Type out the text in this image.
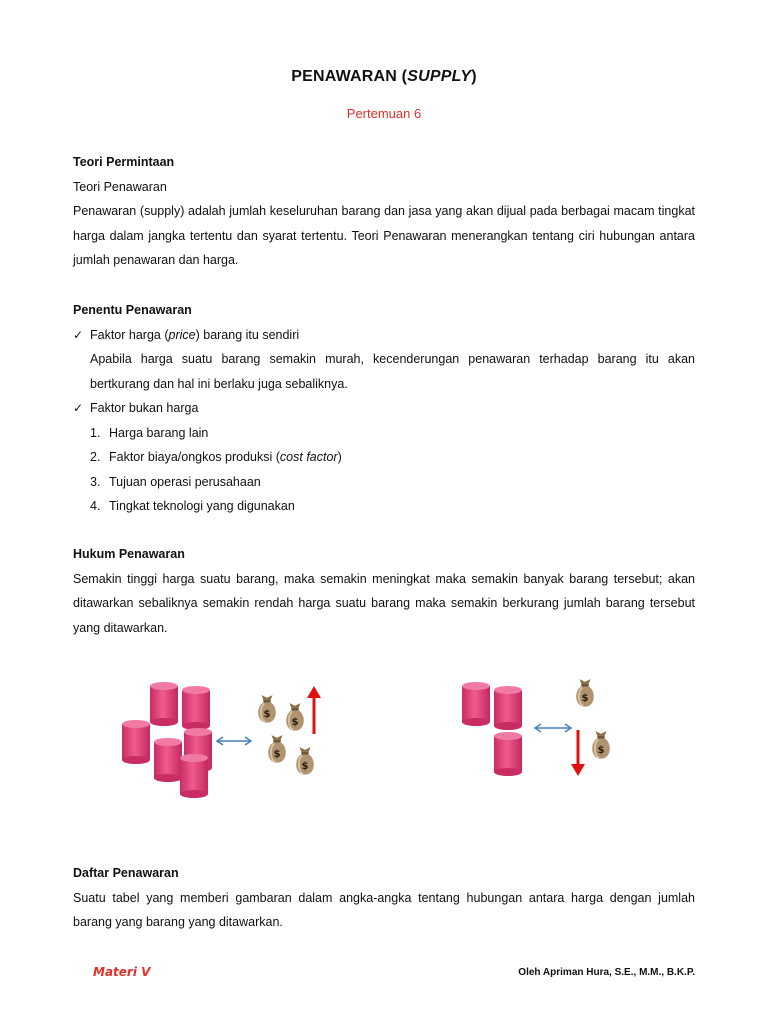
PENAWARAN (SUPPLY)
Pertemuan 6
Teori Permintaan
Teori Penawaran
Penawaran (supply) adalah jumlah keseluruhan barang dan jasa yang akan dijual pada berbagai macam tingkat harga dalam jangka tertentu dan syarat tertentu. Teori Penawaran menerangkan tentang ciri hubungan antara jumlah penawaran dan harga.
Penentu Penawaran
✓ Faktor harga (price) barang itu sendiri
Apabila harga suatu barang semakin murah, kecenderungan penawaran terhadap barang itu akan bertkurang dan hal ini berlaku juga sebaliknya.
✓ Faktor bukan harga
1. Harga barang lain
2. Faktor biaya/ongkos produksi (cost factor)
3. Tujuan operasi perusahaan
4. Tingkat teknologi yang digunakan
Hukum Penawaran
Semakin tinggi harga suatu barang, maka semakin meningkat maka semakin banyak barang tersebut; akan ditawarkan sebaliknya semakin rendah harga suatu barang maka semakin berkurang jumlah barang tersebut yang ditawarkan.
Daftar Penawaran
Suatu tabel yang memberi gambaran dalam angka-angka tentang hubungan antara harga dengan jumlah barang yang barang yang ditawarkan.
Materi V	Oleh Apriman Hura, S.E., M.M., B.K.P.
